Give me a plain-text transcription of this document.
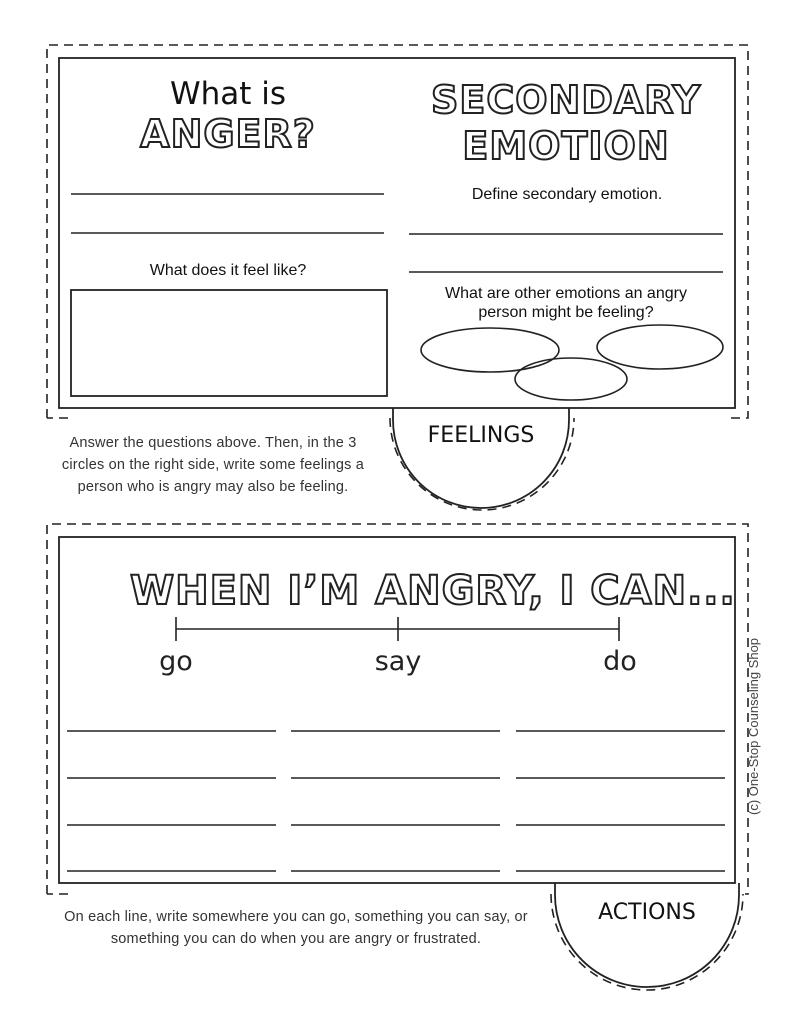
What is
ANGER?
SECONDARY
EMOTION
Define secondary emotion.
What does it feel like?
What are other emotions an angry
person might be feeling?
FEELINGS
Answer the questions above. Then, in the 3
circles on the right side, write some feelings a
person who is angry may also be feeling.
WHEN I’M ANGRY, I CAN...
go	say	do
ACTIONS
On each line, write somewhere you can go, something you can say, or
something you can do when you are angry or frustrated.
(c) One-Stop Counseling Shop
